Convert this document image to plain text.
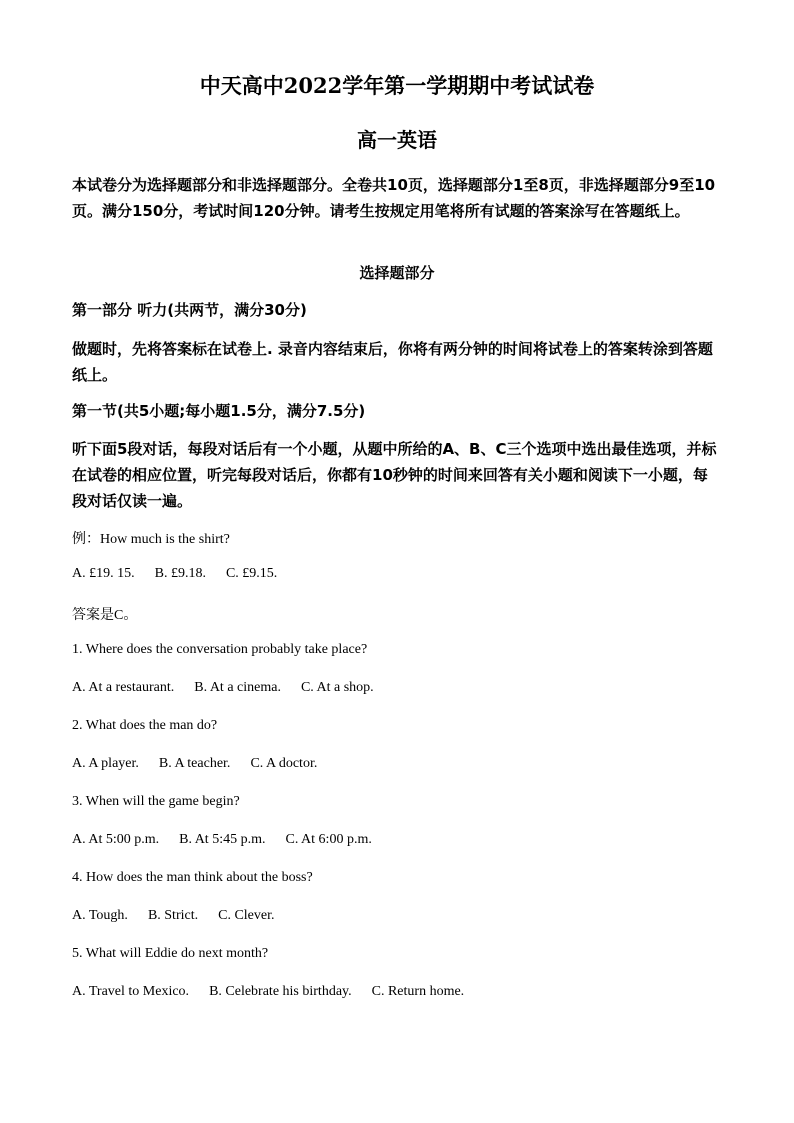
中天高中2022学年第一学期期中考试试卷
高一英语
本试卷分为选择题部分和非选择题部分。全卷共10页，选择题部分1至8页，非选择题部分9至10页。满分150分，考试时间120分钟。请考生按规定用笔将所有试题的答案涂写在答题纸上。
选择题部分
第一部分 听力(共两节，满分30分)
做题时，先将答案标在试卷上. 录音内容结束后，你将有两分钟的时间将试卷上的答案转涂到答题纸上。
第一节(共5小题;每小题1.5分，满分7.5分)
听下面5段对话，每段对话后有一个小题，从题中所给的A、B、C三个选项中选出最佳选项，并标在试卷的相应位置，听完每段对话后，你都有10秒钟的时间来回答有关小题和阅读下一小题，每段对话仅读一遍。
例：How much is the shirt?
A. £19. 15. B. £9.18. C. £9.15.
答案是C。
1. Where does the conversation probably take place?
A. At a restaurant. B. At a cinema. C. At a shop.
2. What does the man do?
A. A player. B. A teacher. C. A doctor.
3. When will the game begin?
A. At 5:00 p.m. B. At 5:45 p.m. C. At 6:00 p.m.
4. How does the man think about the boss?
A. Tough. B. Strict. C. Clever.
5. What will Eddie do next month?
A. Travel to Mexico. B. Celebrate his birthday. C. Return home.
